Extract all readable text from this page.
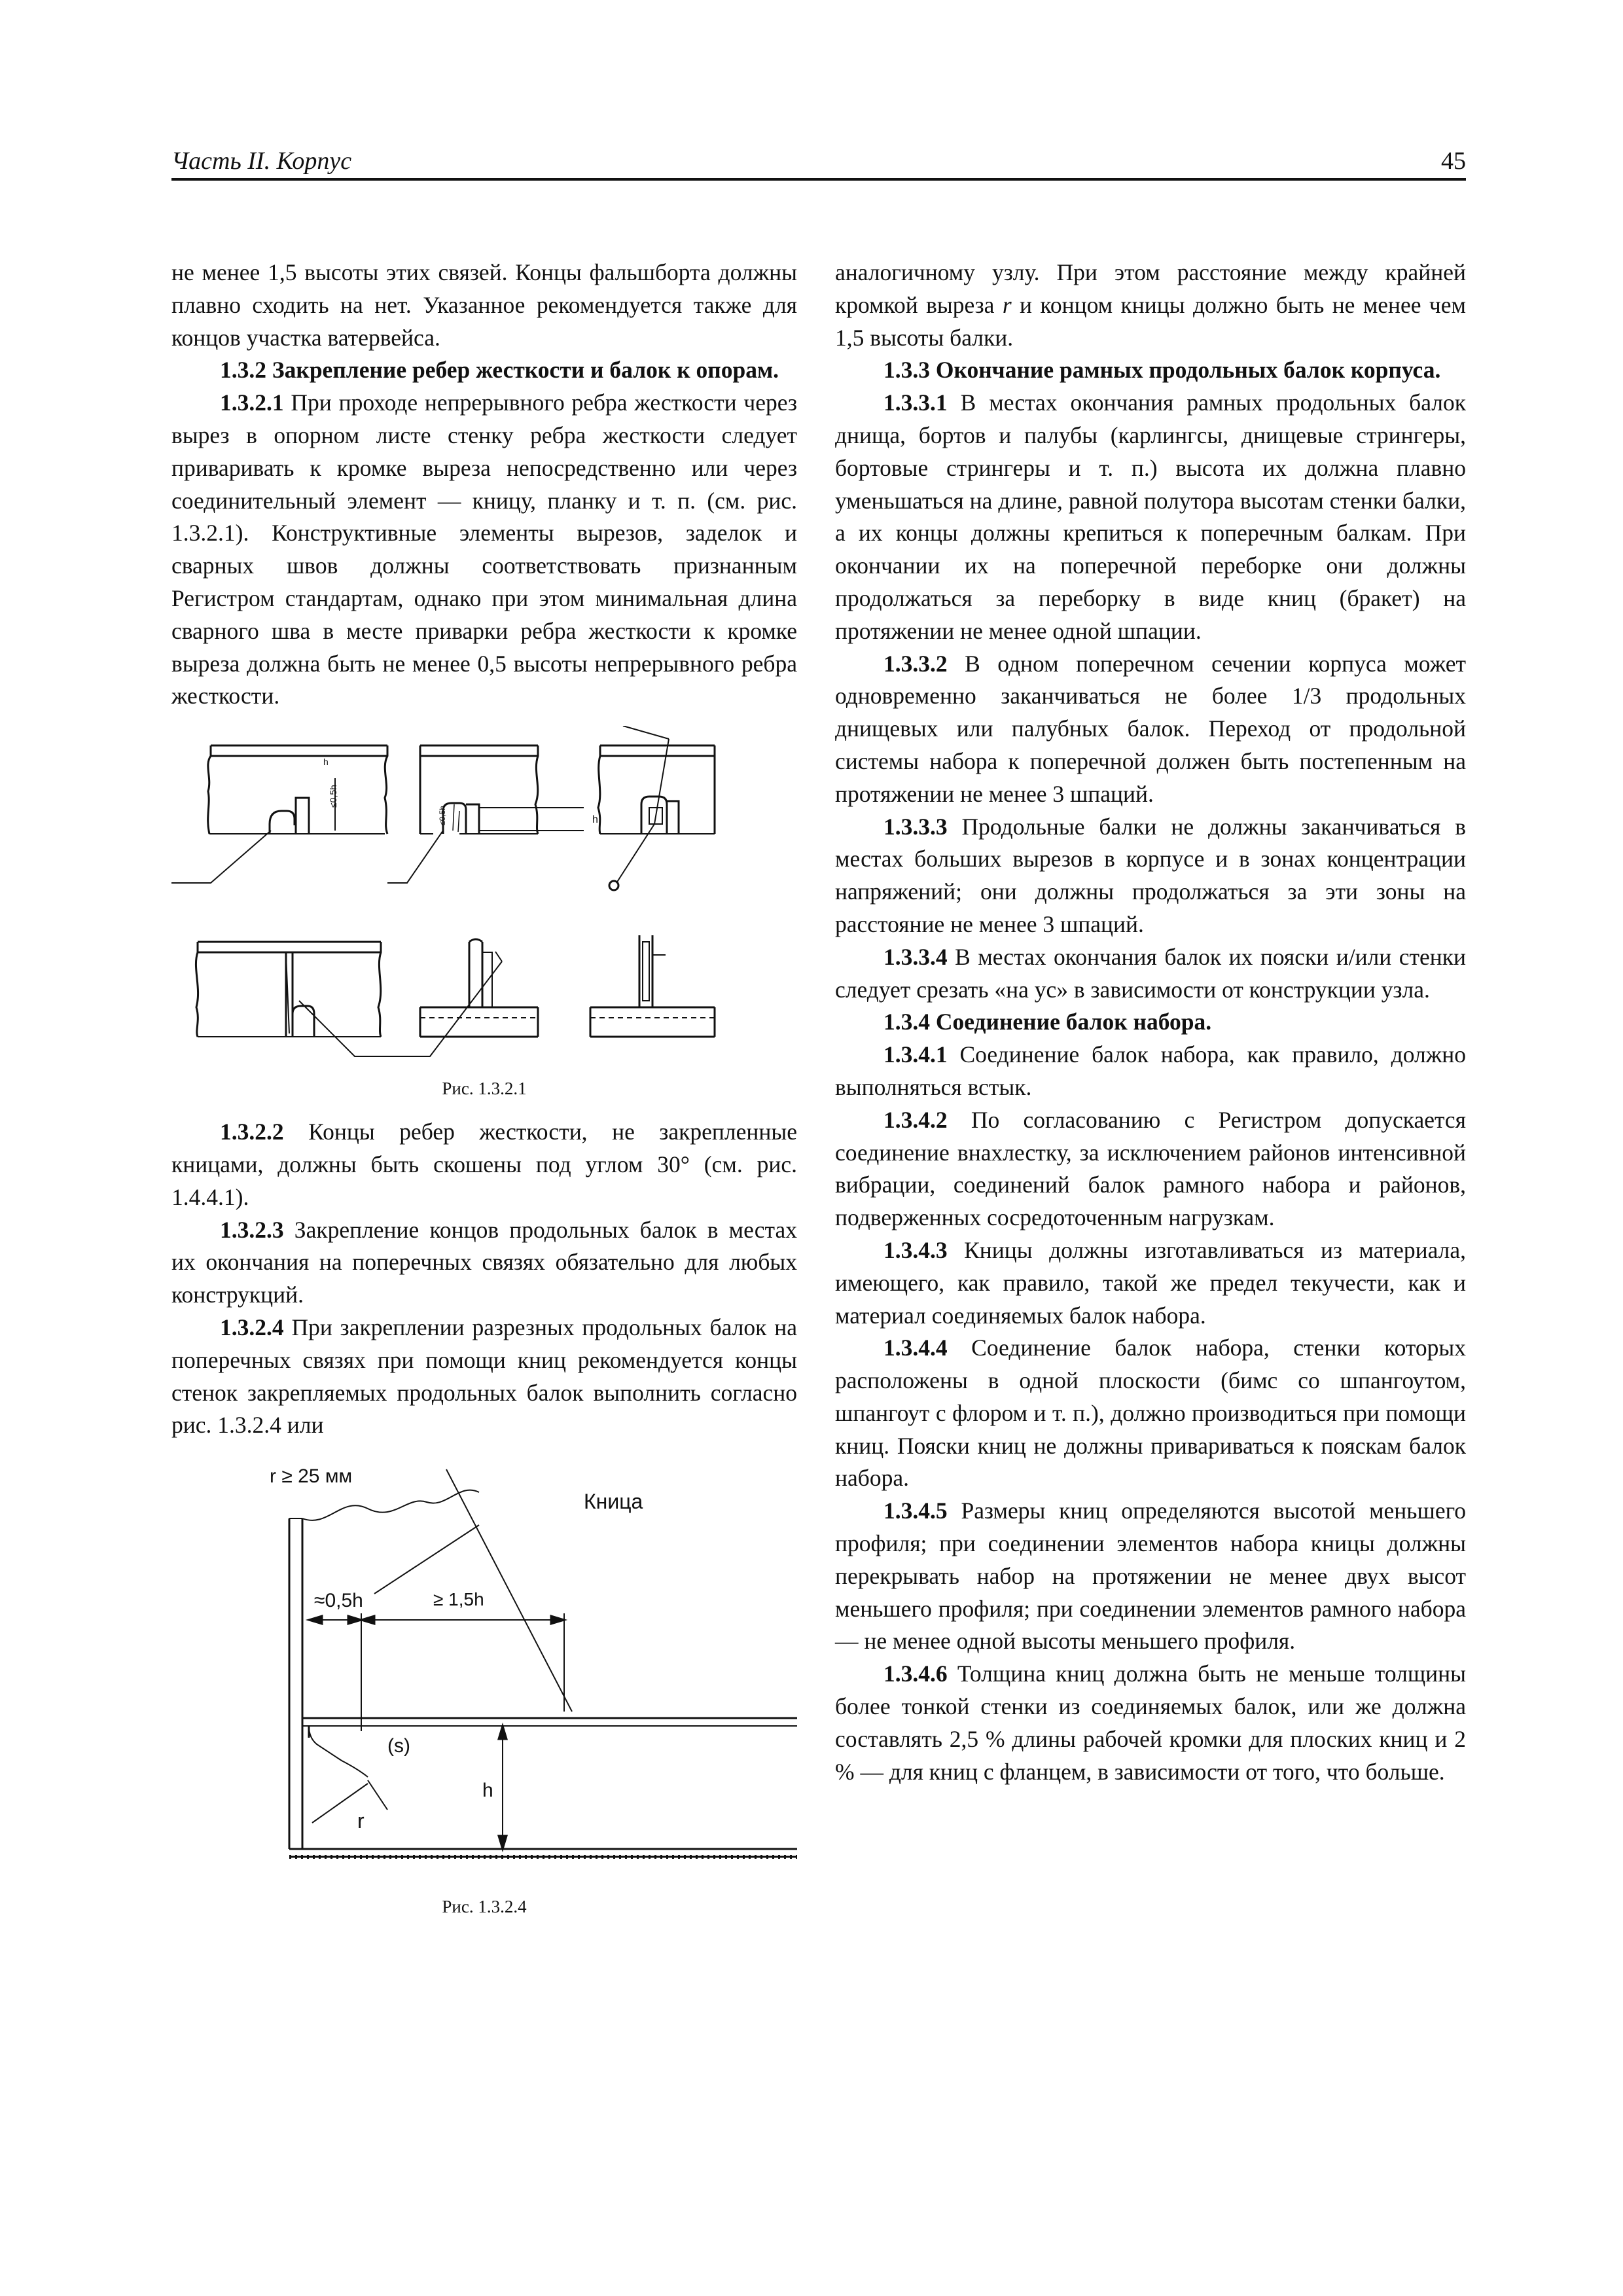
Часть II. Корпус	45

не менее 1,5 высоты этих связей. Концы фальшборта должны плавно сходить на нет. Указанное рекомендуется также для концов участка ватервейса.

1.3.2 Закрепление ребер жесткости и балок к опорам.

1.3.2.1 При проходе непрерывного ребра жесткости через вырез в опорном листе стенку ребра жесткости следует приваривать к кромке выреза непосредственно или через соединительный элемент — кницу, планку и т. п. (см. рис. 1.3.2.1). Конструктивные элементы вырезов, заделок и сварных швов должны соответствовать признанным Регистром стандартам, однако при этом минимальная длина сварного шва в месте приварки ребра жесткости к кромке выреза должна быть не менее 0,5 высоты непрерывного ребра жесткости.

≤0,5h
≤0,5h	h
h
Рис. 1.3.2.1

1.3.2.2 Концы ребер жесткости, не закрепленные кницами, должны быть скошены под углом 30° (см. рис. 1.4.4.1).

1.3.2.3 Закрепление концов продольных балок в местах их окончания на поперечных связях обязательно для любых конструкций.

1.3.2.4 При закреплении разрезных продольных балок на поперечных связях при помощи книц рекомендуется концы стенок закрепляемых продольных балок выполнить согласно рис. 1.3.2.4 или

r ≥ 25 мм
Кница
≈0,5h	≥ 1,5h
(s)
h
r
Рис. 1.3.2.4

аналогичному узлу. При этом расстояние между крайней кромкой выреза r и концом кницы должно быть не менее чем 1,5 высоты балки.

1.3.3 Окончание рамных продольных балок корпуса.

1.3.3.1 В местах окончания рамных продольных балок днища, бортов и палубы (карлингсы, днищевые стрингеры, бортовые стрингеры и т. п.) высота их должна плавно уменьшаться на длине, равной полутора высотам стенки балки, а их концы должны крепиться к поперечным балкам. При окончании их на поперечной переборке они должны продолжаться за переборку в виде книц (бракет) на протяжении не менее одной шпации.

1.3.3.2 В одном поперечном сечении корпуса может одновременно заканчиваться не более 1/3 продольных днищевых или палубных балок. Переход от продольной системы набора к поперечной должен быть постепенным на протяжении не менее 3 шпаций.

1.3.3.3 Продольные балки не должны заканчиваться в местах больших вырезов в корпусе и в зонах концентрации напряжений; они должны продолжаться за эти зоны на расстояние не менее 3 шпаций.

1.3.3.4 В местах окончания балок их пояски и/или стенки следует срезать «на ус» в зависимости от конструкции узла.

1.3.4 Соединение балок набора.

1.3.4.1 Соединение балок набора, как правило, должно выполняться встык.

1.3.4.2 По согласованию с Регистром допускается соединение внахлестку, за исключением районов интенсивной вибрации, соединений балок рамного набора и районов, подверженных сосредоточенным нагрузкам.

1.3.4.3 Кницы должны изготавливаться из материала, имеющего, как правило, такой же предел текучести, как и материал соединяемых балок набора.

1.3.4.4 Соединение балок набора, стенки которых расположены в одной плоскости (бимс со шпангоутом, шпангоут с флором и т. п.), должно производиться при помощи книц. Пояски книц не должны привариваться к пояскам балок набора.

1.3.4.5 Размеры книц определяются высотой меньшего профиля; при соединении элементов набора кницы должны перекрывать набор на протяжении не менее двух высот меньшего профиля; при соединении элементов рамного набора — не менее одной высоты меньшего профиля.

1.3.4.6 Толщина книц должна быть не меньше толщины более тонкой стенки из соединяемых балок, или же должна составлять 2,5 % длины рабочей кромки для плоских книц и 2 % — для книц с фланцем, в зависимости от того, что больше.
